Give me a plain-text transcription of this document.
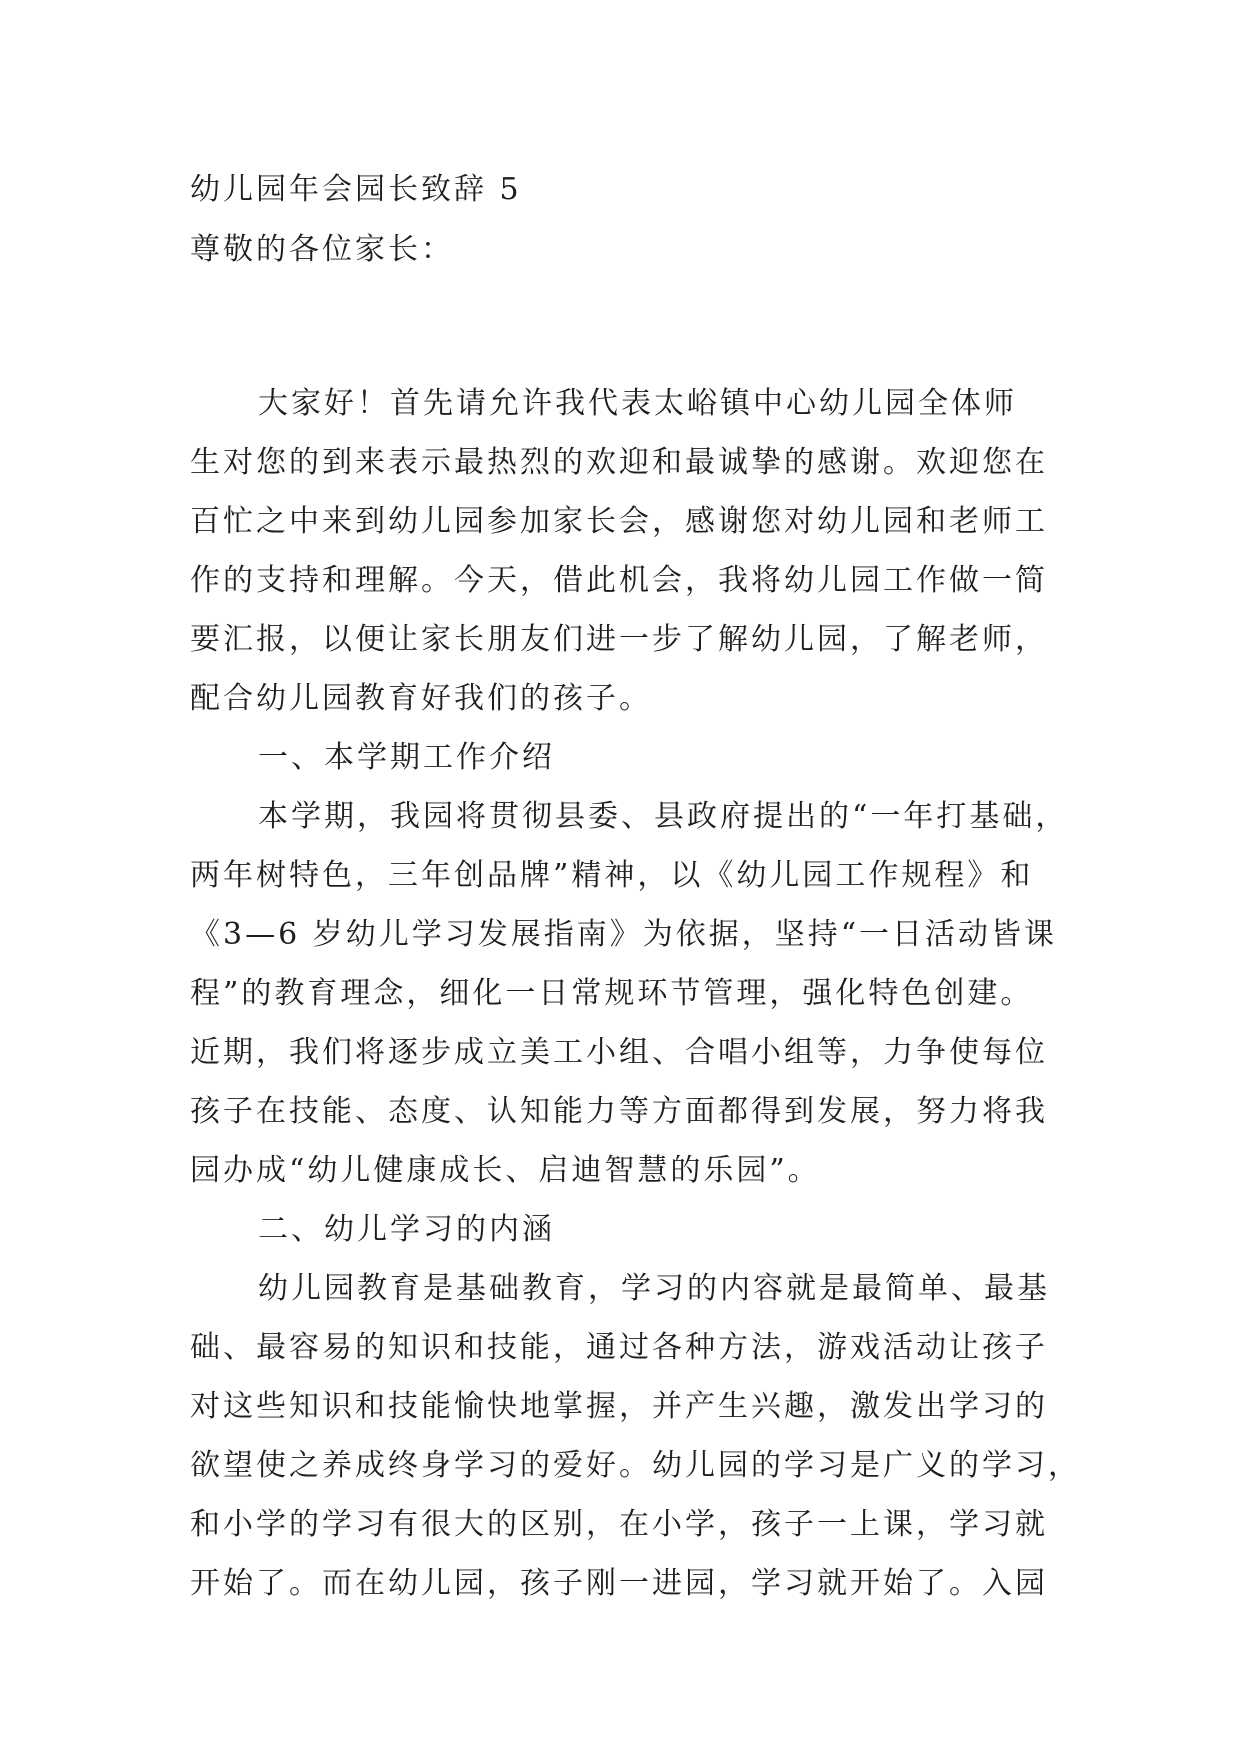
幼儿园年会园长致辞 5
尊敬的各位家长：
大家好！首先请允许我代表太峪镇中心幼儿园全体师
生对您的到来表示最热烈的欢迎和最诚挚的感谢。欢迎您在
百忙之中来到幼儿园参加家长会，感谢您对幼儿园和老师工
作的支持和理解。今天，借此机会，我将幼儿园工作做一简
要汇报，以便让家长朋友们进一步了解幼儿园，了解老师，
配合幼儿园教育好我们的孩子。
一、本学期工作介绍
本学期，我园将贯彻县委、县政府提出的“一年打基础，
两年树特色，三年创品牌”精神，以《幼儿园工作规程》和
《3—6 岁幼儿学习发展指南》为依据，坚持“一日活动皆课
程”的教育理念，细化一日常规环节管理，强化特色创建。
近期，我们将逐步成立美工小组、合唱小组等，力争使每位
孩子在技能、态度、认知能力等方面都得到发展，努力将我
园办成“幼儿健康成长、启迪智慧的乐园”。
二、幼儿学习的内涵
幼儿园教育是基础教育，学习的内容就是最简单、最基
础、最容易的知识和技能，通过各种方法，游戏活动让孩子
对这些知识和技能愉快地掌握，并产生兴趣，激发出学习的
欲望使之养成终身学习的爱好。幼儿园的学习是广义的学习，
和小学的学习有很大的区别，在小学，孩子一上课，学习就
开始了。而在幼儿园，孩子刚一进园，学习就开始了。入园
